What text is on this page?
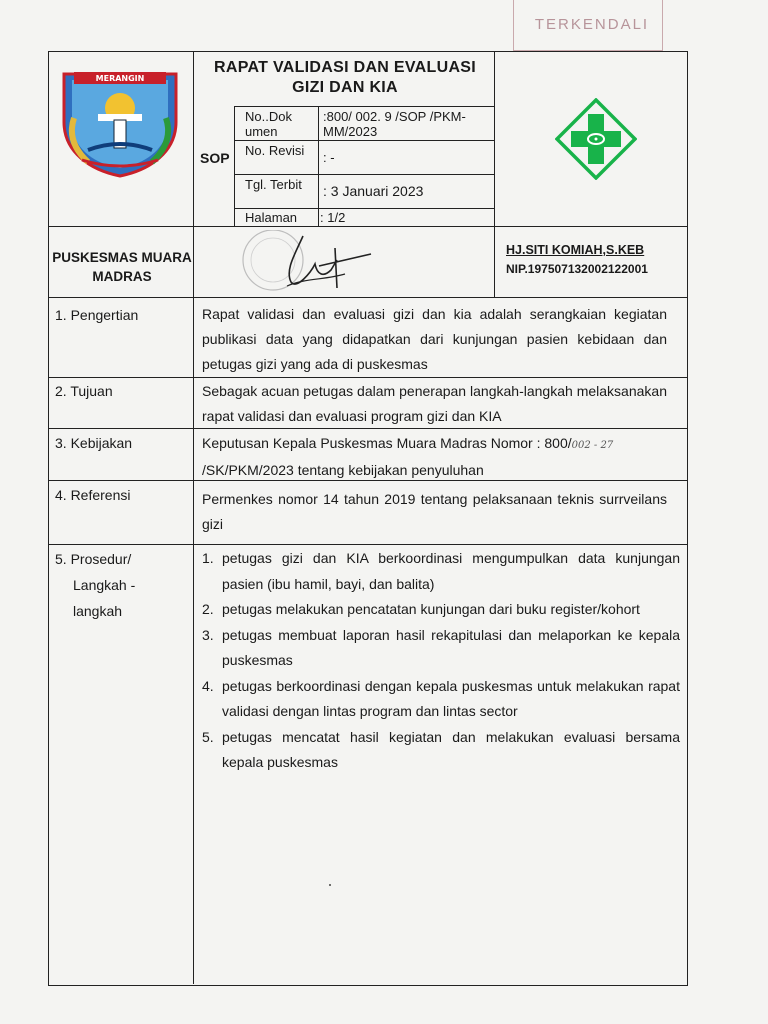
TERKENDALI
MERANGIN
RAPAT VALIDASI DAN EVALUASI GIZI DAN KIA
SOP
No..Dok umen
:800/ 002. 9 /SOP /PKM-MM/2023
No. Revisi	: -
Tgl. Terbit	: 3 Januari 2023
Halaman : 1/2
PUSKESMAS MUARA MADRAS
HJ.SITI KOMIAH,S.KEB
NIP.197507132002122001
1. Pengertian	Rapat validasi dan evaluasi gizi dan kia adalah serangkaian kegiatan publikasi data yang didapatkan dari kunjungan pasien kebidaan dan petugas gizi yang ada di puskesmas
2. Tujuan	Sebagak acuan petugas dalam penerapan langkah-langkah melaksanakan rapat validasi dan evaluasi program gizi dan KIA
3. Kebijakan	Keputusan Kepala Puskesmas Muara Madras Nomor : 800/002 - 27
/SK/PKM/2023 tentang kebijakan penyuluhan
4. Referensi	Permenkes nomor 14 tahun 2019 tentang pelaksanaan teknis surrveilans gizi
5. Prosedur/
Langkah -
langkah
1. petugas gizi dan KIA berkoordinasi mengumpulkan data kunjungan pasien (ibu hamil, bayi, dan balita)
2. petugas melakukan pencatatan kunjungan dari buku register/kohort
3. petugas membuat laporan hasil rekapitulasi dan melaporkan ke kepala puskesmas
4. petugas berkoordinasi dengan kepala puskesmas untuk melakukan rapat validasi dengan lintas program dan lintas sector
5. petugas mencatat hasil kegiatan dan melakukan evaluasi bersama kepala puskesmas
